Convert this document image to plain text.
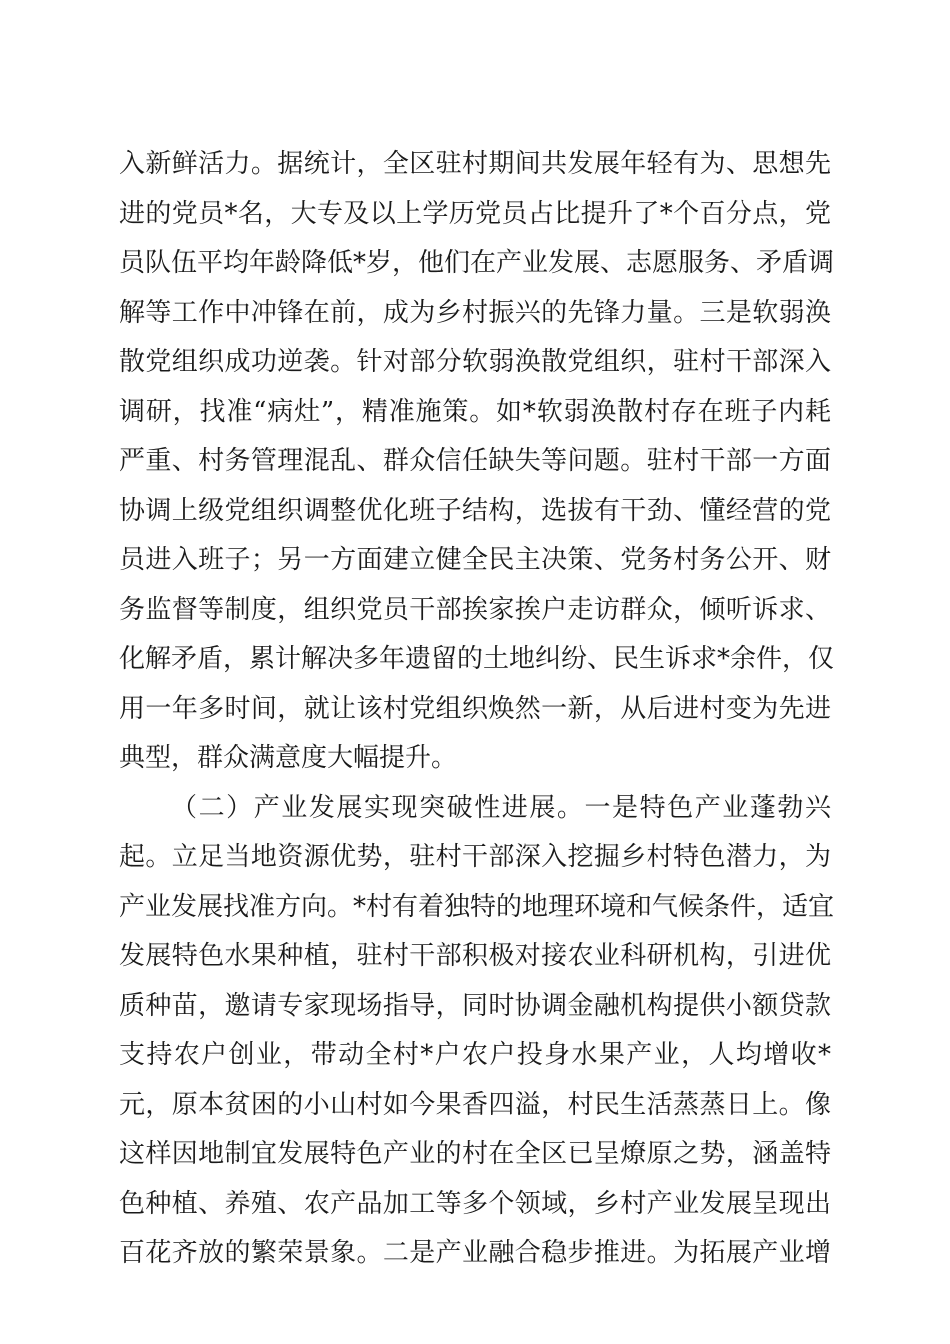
入新鲜活力。据统计，全区驻村期间共发展年轻有为、思想先
进的党员*名，大专及以上学历党员占比提升了*个百分点，党
员队伍平均年龄降低*岁，他们在产业发展、志愿服务、矛盾调
解等工作中冲锋在前，成为乡村振兴的先锋力量。三是软弱涣
散党组织成功逆袭。针对部分软弱涣散党组织，驻村干部深入
调研，找准“病灶”，精准施策。如*软弱涣散村存在班子内耗
严重、村务管理混乱、群众信任缺失等问题。驻村干部一方面
协调上级党组织调整优化班子结构，选拔有干劲、懂经营的党
员进入班子；另一方面建立健全民主决策、党务村务公开、财
务监督等制度，组织党员干部挨家挨户走访群众，倾听诉求、
化解矛盾，累计解决多年遗留的土地纠纷、民生诉求*余件，仅
用一年多时间，就让该村党组织焕然一新，从后进村变为先进
典型，群众满意度大幅提升。
（二）产业发展实现突破性进展。一是特色产业蓬勃兴
起。立足当地资源优势，驻村干部深入挖掘乡村特色潜力，为
产业发展找准方向。*村有着独特的地理环境和气候条件，适宜
发展特色水果种植，驻村干部积极对接农业科研机构，引进优
质种苗，邀请专家现场指导，同时协调金融机构提供小额贷款
支持农户创业，带动全村*户农户投身水果产业，人均增收*
元，原本贫困的小山村如今果香四溢，村民生活蒸蒸日上。像
这样因地制宜发展特色产业的村在全区已呈燎原之势，涵盖特
色种植、养殖、农产品加工等多个领域，乡村产业发展呈现出
百花齐放的繁荣景象。二是产业融合稳步推进。为拓展产业增
